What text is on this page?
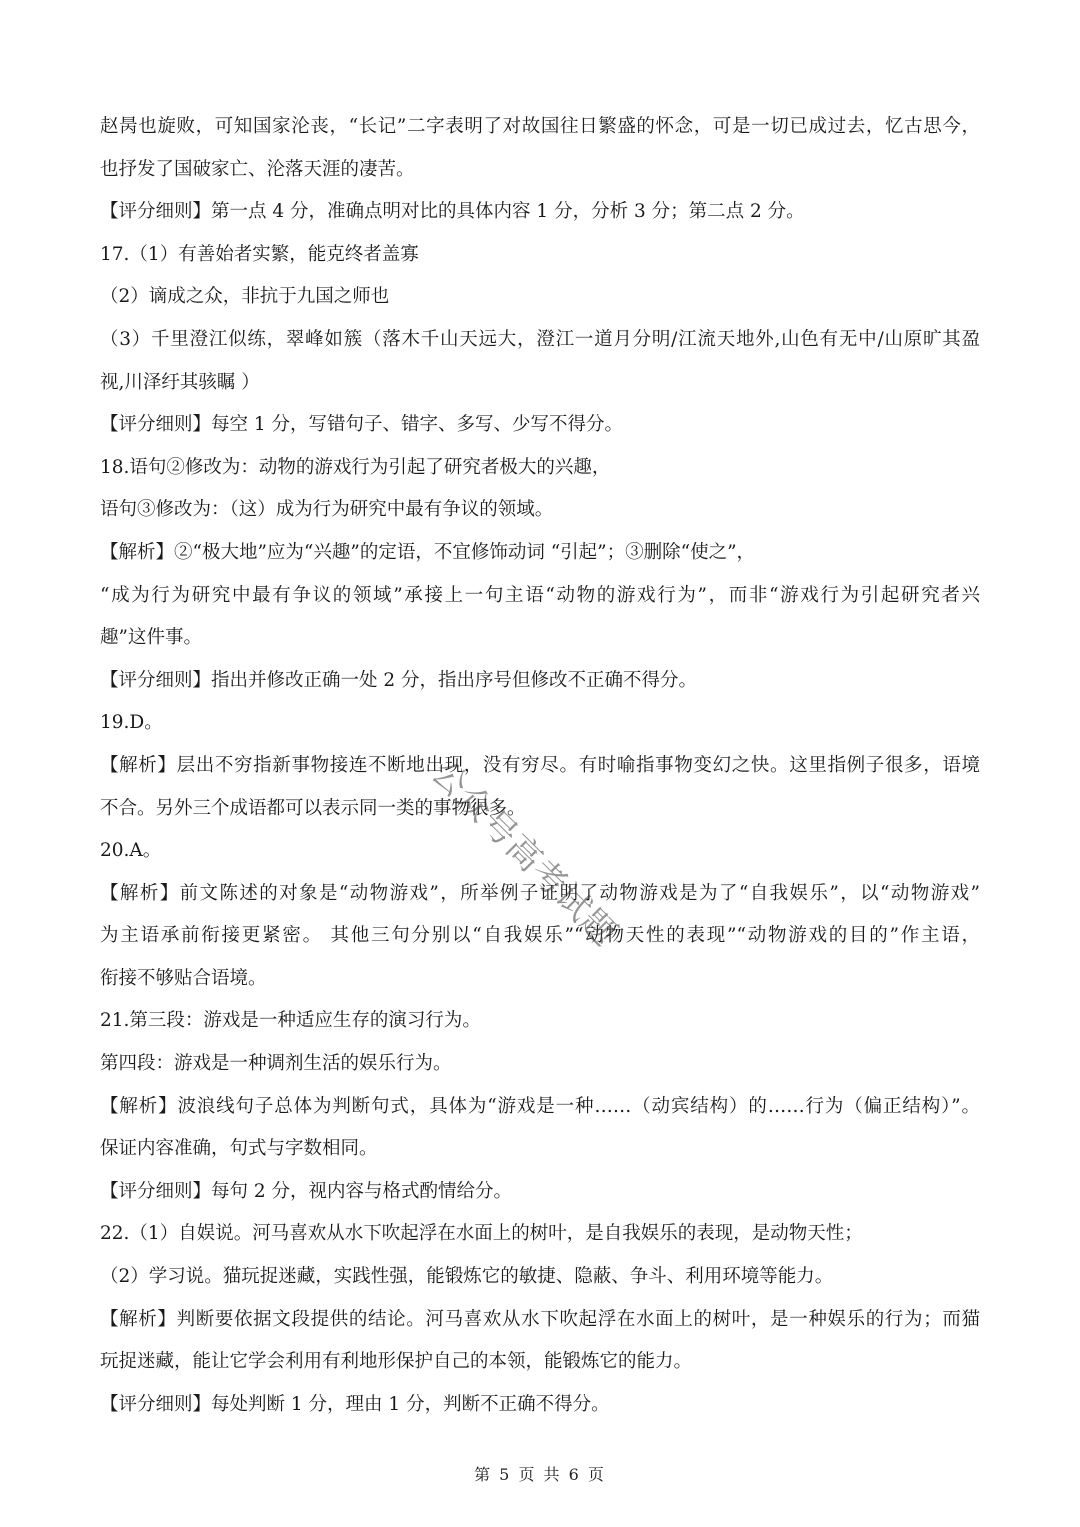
赵昺也旋败，可知国家沦丧，“长记”二字表明了对故国往日繁盛的怀念，可是一切已成过去，忆古思今，
也抒发了国破家亡、沦落天涯的凄苦。
【评分细则】第一点 4 分，准确点明对比的具体内容 1 分，分析 3 分；第二点 2 分。
17.（1）有善始者实繁，能克终者盖寡
（2）谪成之众，非抗于九国之师也
（3）千里澄江似练，翠峰如簇（落木千山天远大，澄江一道月分明/江流天地外,山色有无中/山原旷其盈
视,川泽纡其骇瞩 ）
【评分细则】每空 1 分，写错句子、错字、多写、少写不得分。
18.语句②修改为：动物的游戏行为引起了研究者极大的兴趣，
语句③修改为：（这）成为行为研究中最有争议的领域。
【解析】②“极大地”应为“兴趣”的定语，不宜修饰动词 “引起”；③删除“使之”，
“成为行为研究中最有争议的领域”承接上一句主语“动物的游戏行为”，而非“游戏行为引起研究者兴
趣”这件事。
【评分细则】指出并修改正确一处 2 分，指出序号但修改不正确不得分。
19.D。
【解析】层出不穷指新事物接连不断地出现，没有穷尽。有时喻指事物变幻之快。这里指例子很多，语境
不合。另外三个成语都可以表示同一类的事物很多。
20.A。
【解析】前文陈述的对象是“动物游戏”，所举例子证明了动物游戏是为了“自我娱乐”，以“动物游戏”
为主语承前衔接更紧密。 其他三句分别以“自我娱乐”“动物天性的表现”“动物游戏的目的”作主语，
衔接不够贴合语境。
21.第三段：游戏是一种适应生存的演习行为。
第四段：游戏是一种调剂生活的娱乐行为。
【解析】波浪线句子总体为判断句式，具体为“游戏是一种……（动宾结构）的……行为（偏正结构）”。
保证内容准确，句式与字数相同。
【评分细则】每句 2 分，视内容与格式酌情给分。
22.（1）自娱说。河马喜欢从水下吹起浮在水面上的树叶，是自我娱乐的表现，是动物天性；
（2）学习说。猫玩捉迷藏，实践性强，能锻炼它的敏捷、隐蔽、争斗、利用环境等能力。
【解析】判断要依据文段提供的结论。河马喜欢从水下吹起浮在水面上的树叶，是一种娱乐的行为；而猫
玩捉迷藏，能让它学会利用有利地形保护自己的本领，能锻炼它的能力。
【评分细则】每处判断 1 分，理由 1 分，判断不正确不得分。
公众号高考试题
第 5 页 共 6 页
